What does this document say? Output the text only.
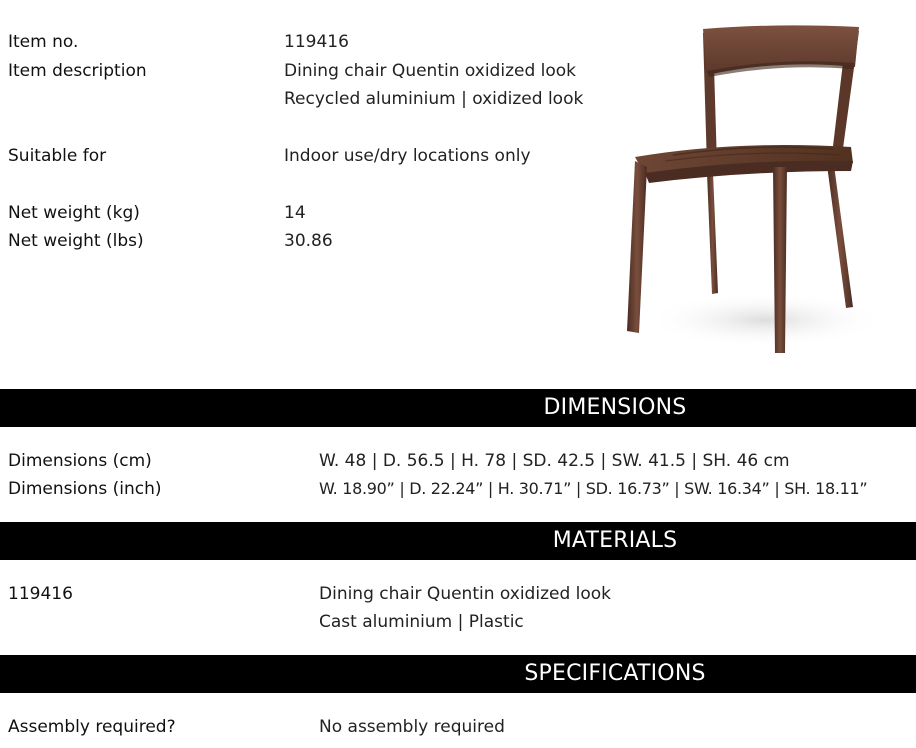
Item no.	119416
Item description	Dining chair Quentin oxidized look
Recycled aluminium | oxidized look
Suitable for	Indoor use/dry locations only
Net weight (kg)	14
Net weight (lbs)	30.86
DIMENSIONS
Dimensions (cm)	W. 48 | D. 56.5 | H. 78 | SD. 42.5 | SW. 41.5 | SH. 46 cm
Dimensions (inch)	W. 18.90” | D. 22.24” | H. 30.71” | SD. 16.73” | SW. 16.34” | SH. 18.11”
MATERIALS
119416	Dining chair Quentin oxidized look
Cast aluminium | Plastic
SPECIFICATIONS
Assembly required?	No assembly required
